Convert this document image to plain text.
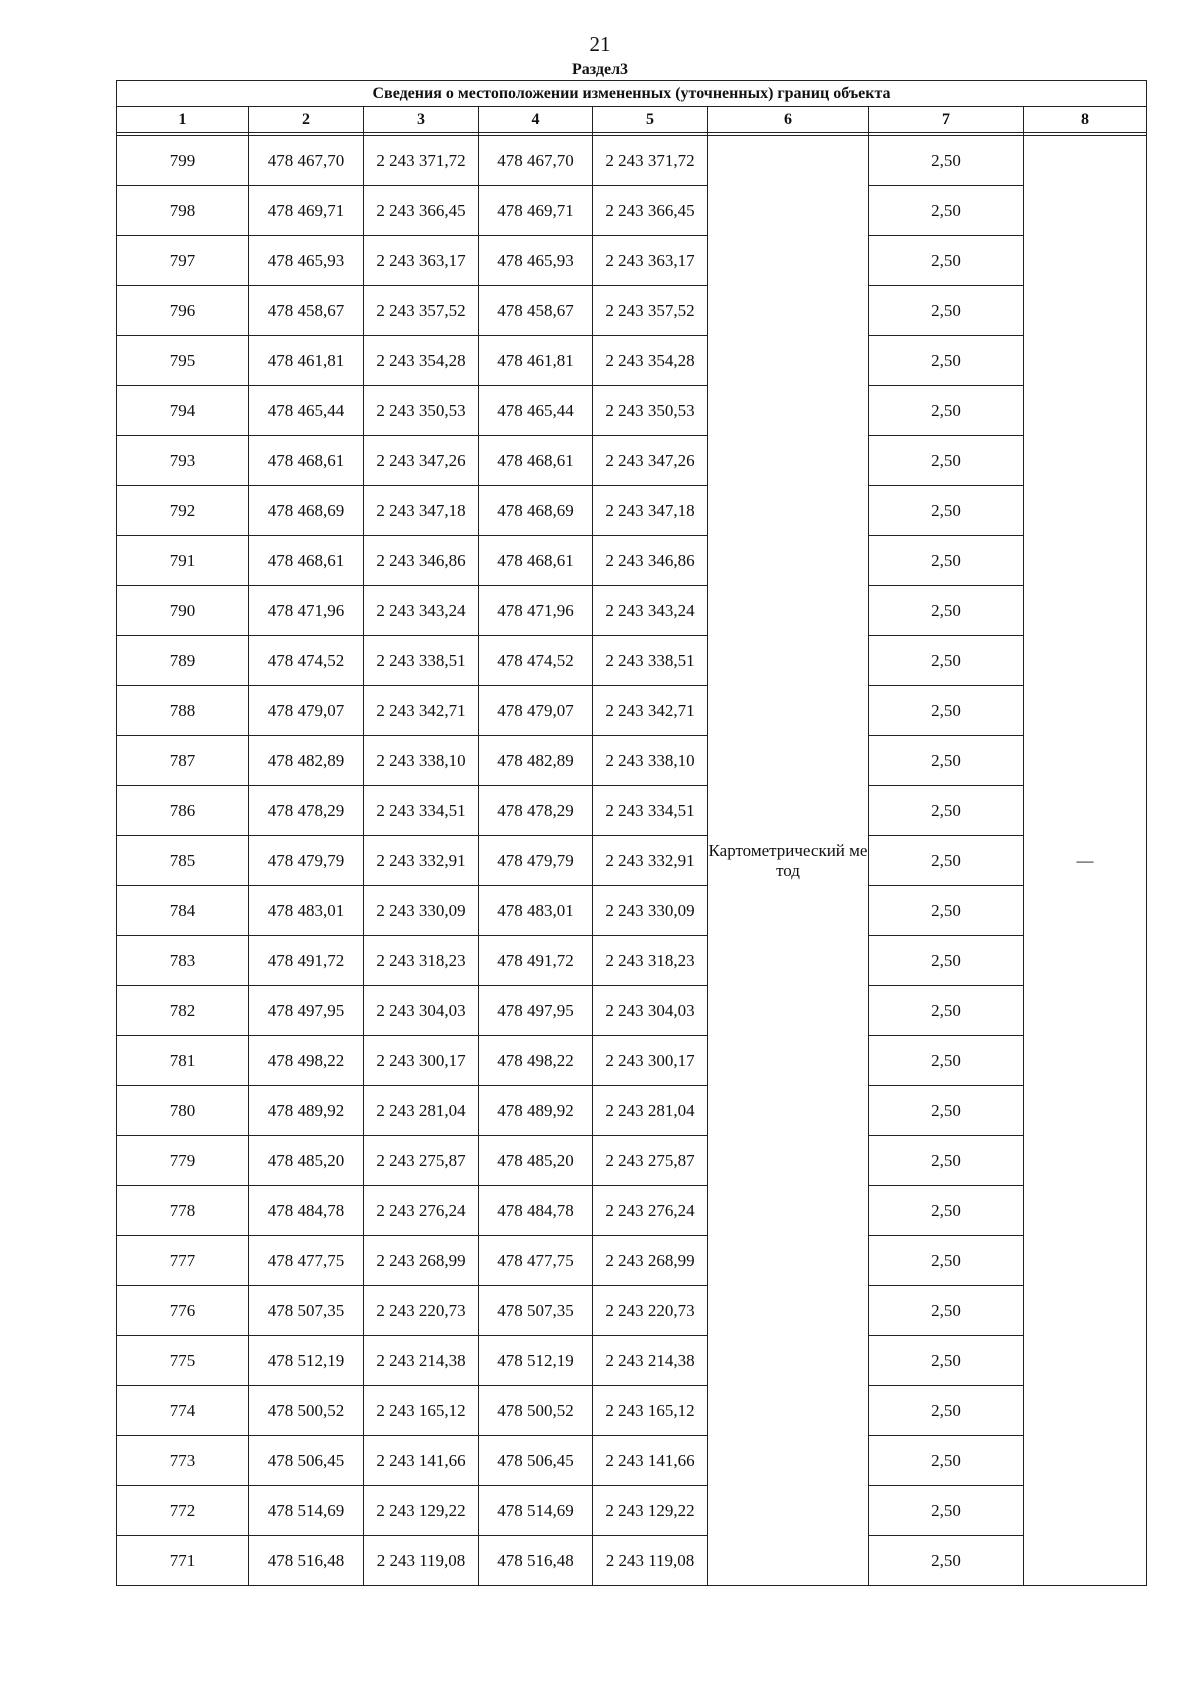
21
Раздел3
Сведения о местоположении измененных (уточненных) границ объекта							
1	2	3	4	5	6	7	8

799	478 467,70	2 243 371,72	478 467,70	2 243 371,72	Картометрический метод	2,50	—
798	478 469,71	2 243 366,45	478 469,71	2 243 366,45		2,50	
797	478 465,93	2 243 363,17	478 465,93	2 243 363,17		2,50	
796	478 458,67	2 243 357,52	478 458,67	2 243 357,52		2,50	
795	478 461,81	2 243 354,28	478 461,81	2 243 354,28		2,50	
794	478 465,44	2 243 350,53	478 465,44	2 243 350,53		2,50	
793	478 468,61	2 243 347,26	478 468,61	2 243 347,26		2,50	
792	478 468,69	2 243 347,18	478 468,69	2 243 347,18		2,50	
791	478 468,61	2 243 346,86	478 468,61	2 243 346,86		2,50	
790	478 471,96	2 243 343,24	478 471,96	2 243 343,24		2,50	
789	478 474,52	2 243 338,51	478 474,52	2 243 338,51		2,50	
788	478 479,07	2 243 342,71	478 479,07	2 243 342,71		2,50	
787	478 482,89	2 243 338,10	478 482,89	2 243 338,10		2,50	
786	478 478,29	2 243 334,51	478 478,29	2 243 334,51		2,50	
785	478 479,79	2 243 332,91	478 479,79	2 243 332,91		2,50	
784	478 483,01	2 243 330,09	478 483,01	2 243 330,09		2,50	
783	478 491,72	2 243 318,23	478 491,72	2 243 318,23		2,50	
782	478 497,95	2 243 304,03	478 497,95	2 243 304,03		2,50	
781	478 498,22	2 243 300,17	478 498,22	2 243 300,17		2,50	
780	478 489,92	2 243 281,04	478 489,92	2 243 281,04		2,50	
779	478 485,20	2 243 275,87	478 485,20	2 243 275,87		2,50	
778	478 484,78	2 243 276,24	478 484,78	2 243 276,24		2,50	
777	478 477,75	2 243 268,99	478 477,75	2 243 268,99		2,50	
776	478 507,35	2 243 220,73	478 507,35	2 243 220,73		2,50	
775	478 512,19	2 243 214,38	478 512,19	2 243 214,38		2,50	
774	478 500,52	2 243 165,12	478 500,52	2 243 165,12		2,50	
773	478 506,45	2 243 141,66	478 506,45	2 243 141,66		2,50	
772	478 514,69	2 243 129,22	478 514,69	2 243 129,22		2,50	
771	478 516,48	2 243 119,08	478 516,48	2 243 119,08		2,50	
